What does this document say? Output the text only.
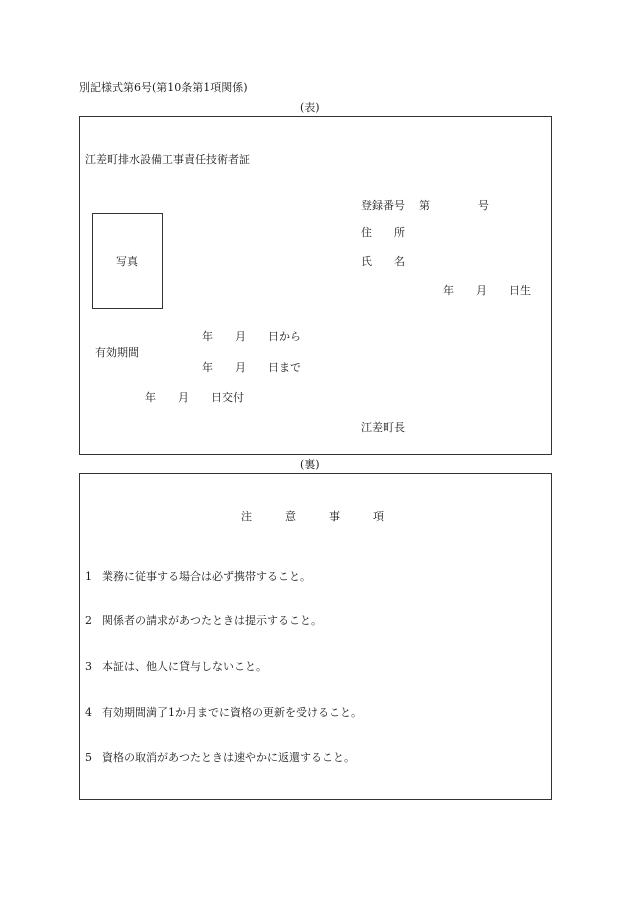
別記様式第6号(第10条第1項関係)
(表)
江差町排水設備工事責任技術者証
登録番号 第	号
住　　所
氏　　名
年　　月　　日生
写真
年　　月　　日から
有効期間
年　　月　　日まで
年　　月　　日交付
江差町長
(裏)
注　　　意　　　事　　　項
1 業務に従事する場合は必ず携帯すること。
2 関係者の請求があつたときは提示すること。
3 本証は、他人に貸与しないこと。
4 有効期間満了1か月までに資格の更新を受けること。
5 資格の取消があつたときは速やかに返還すること。
